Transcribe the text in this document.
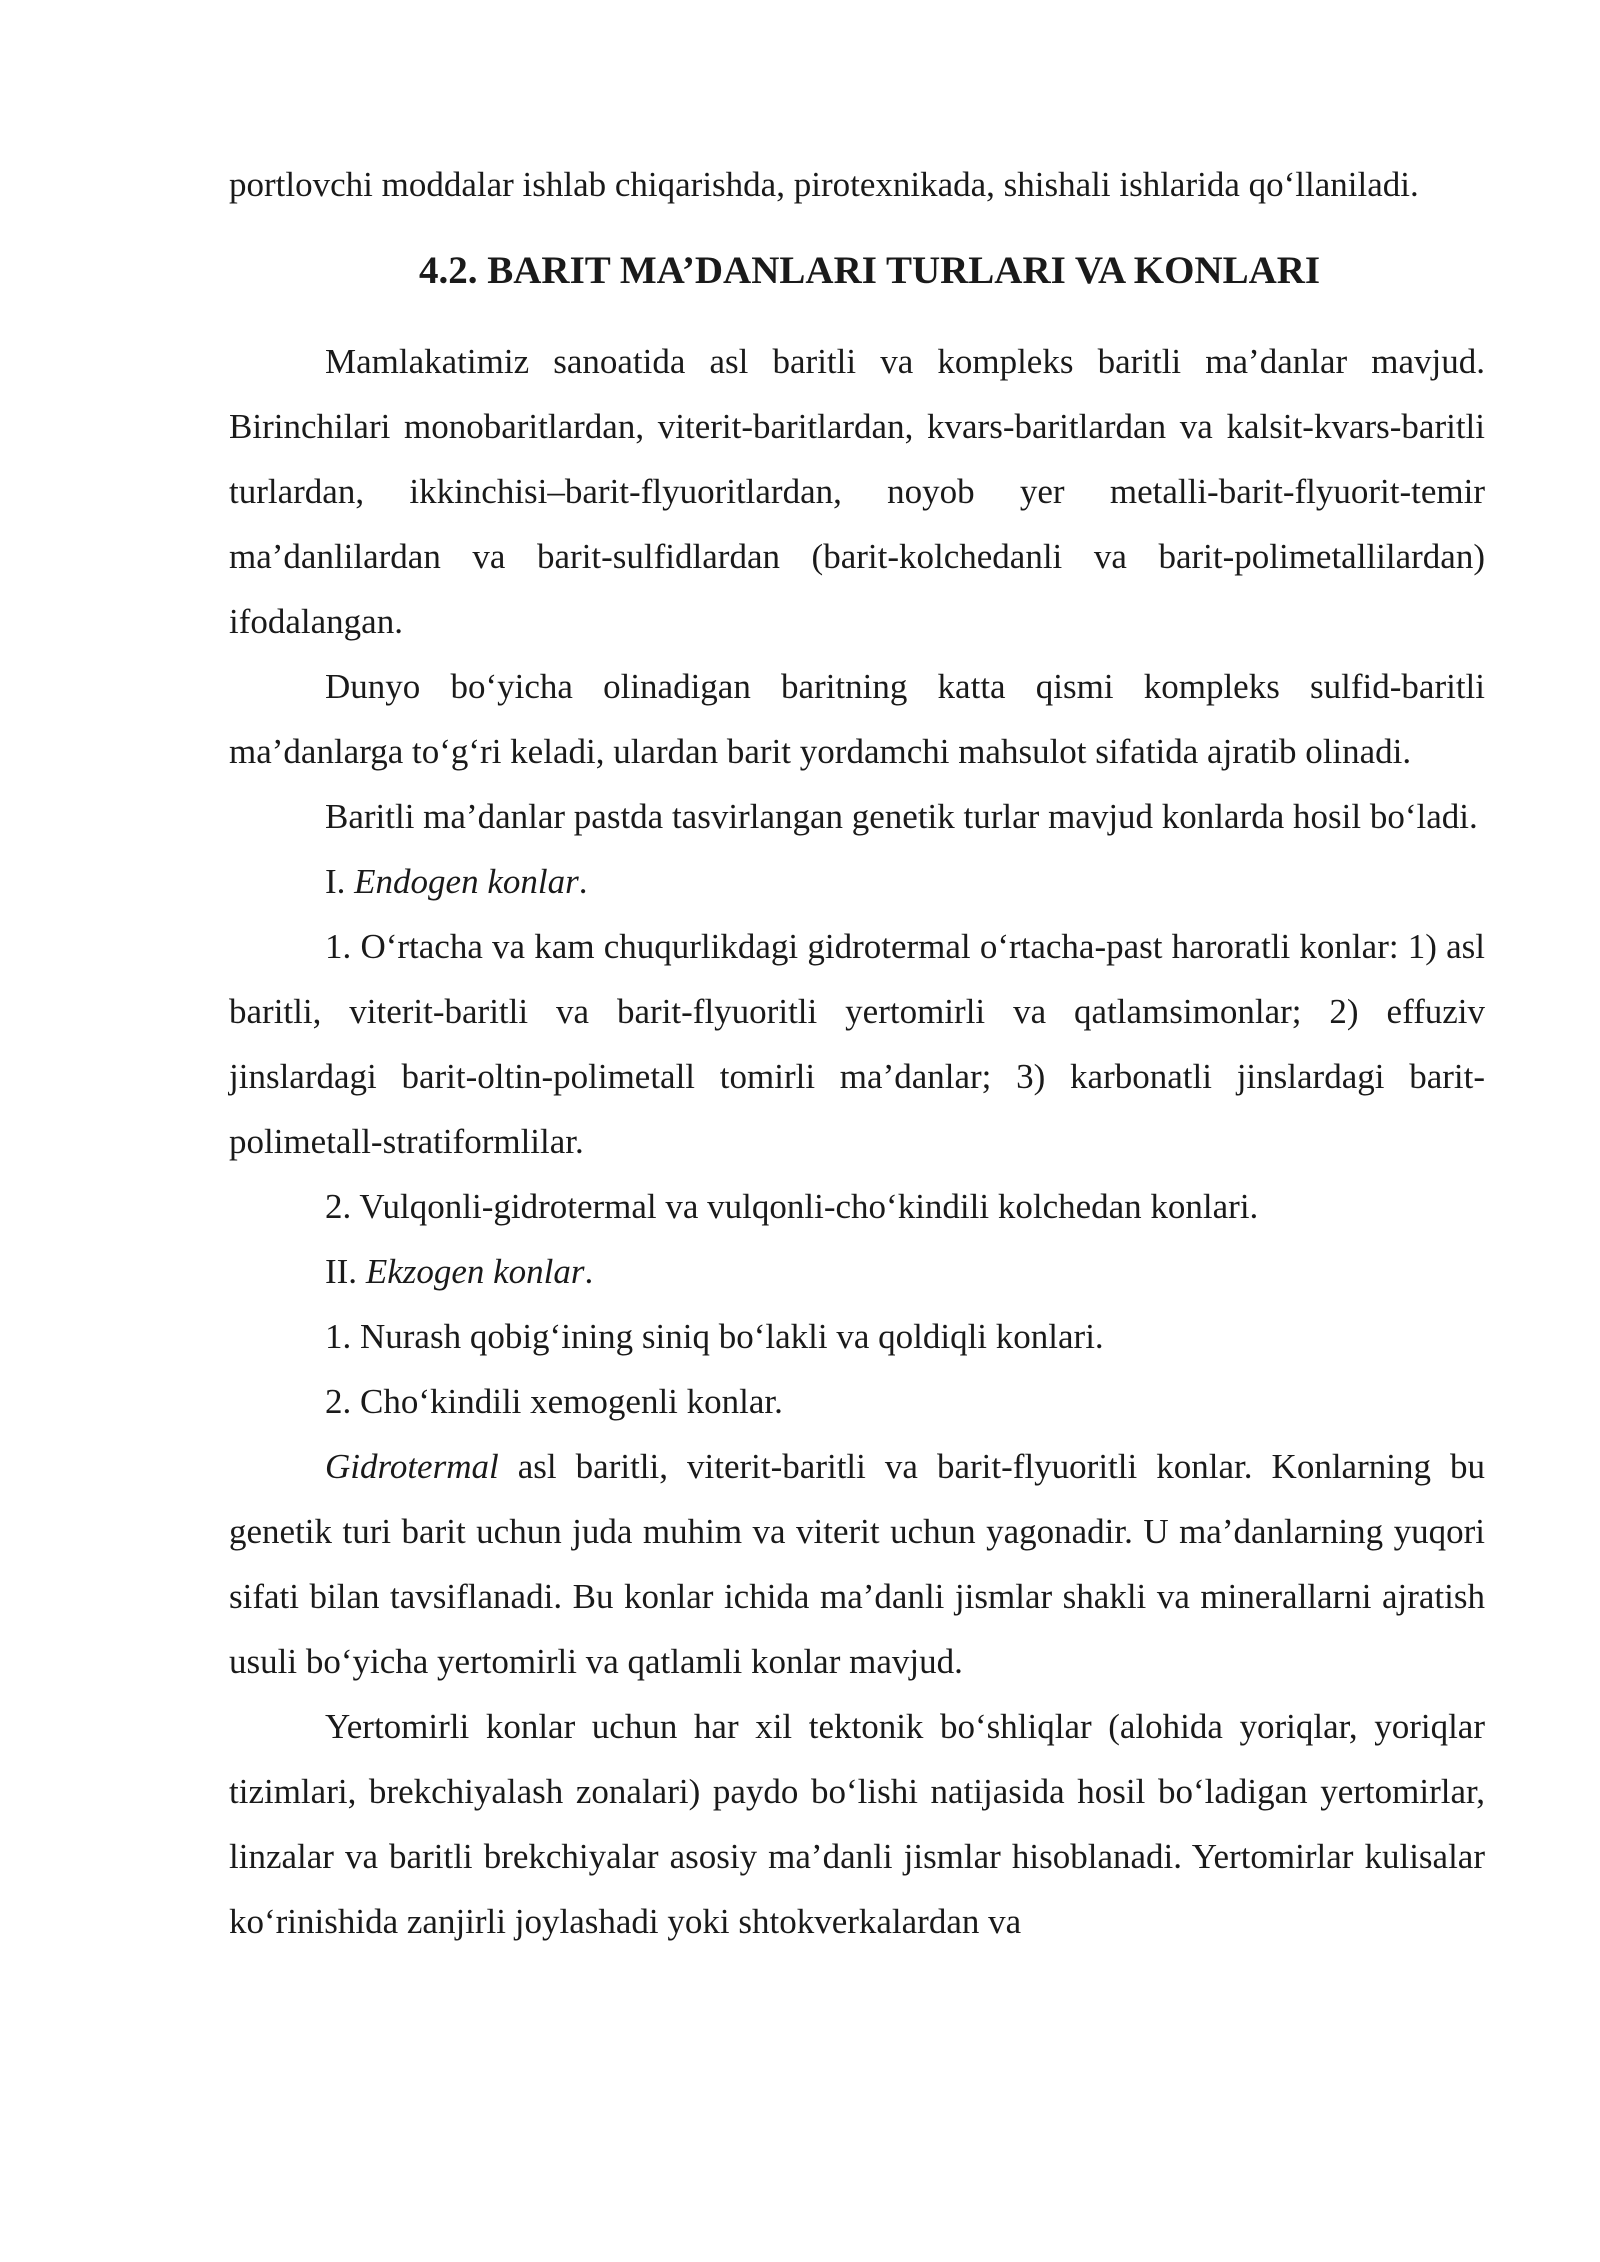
portlovchi moddalar ishlab chiqarishda, pirotexnikada, shishali ishlarida qo‘llaniladi.

4.2. BARIT MA’DANLARI TURLARI VA KONLARI

Mamlakatimiz sanoatida asl baritli va kompleks baritli ma’danlar mavjud. Birinchilari monobaritlardan, viterit-baritlardan, kvars-baritlardan va kalsit-kvars-baritli turlardan, ikkinchisi–barit-flyuoritlardan, noyob yer metalli-barit-flyuorit-temir ma’danlilardan va barit-sulfidlardan (barit-kolchedanli va barit-polimetallilardan) ifodalangan.

Dunyo bo‘yicha olinadigan baritning katta qismi kompleks sulfid-baritli ma’danlarga to‘g‘ri keladi, ulardan barit yordamchi mahsulot sifatida ajratib olinadi.

Baritli ma’danlar pastda tasvirlangan genetik turlar mavjud konlarda hosil bo‘ladi.

I. Endogen konlar.

1. O‘rtacha va kam chuqurlikdagi gidrotermal o‘rtacha-past haroratli konlar: 1) asl baritli, viterit-baritli va barit-flyuoritli yertomirli va qatlamsimonlar; 2) effuziv jinslardagi barit-oltin-polimetall tomirli ma’danlar; 3) karbonatli jinslardagi barit-polimetall-stratiformlilar.

2. Vulqonli-gidrotermal va vulqonli-cho‘kindili kolchedan konlari.

II. Ekzogen konlar.

1. Nurash qobig‘ining siniq bo‘lakli va qoldiqli konlari.

2. Cho‘kindili xemogenli konlar.

Gidrotermal asl baritli, viterit-baritli va barit-flyuoritli konlar. Konlarning bu genetik turi barit uchun juda muhim va viterit uchun yagonadir. U ma’danlarning yuqori sifati bilan tavsiflanadi. Bu konlar ichida ma’danli jismlar shakli va minerallarni ajratish usuli bo‘yicha yertomirli va qatlamli konlar mavjud.

Yertomirli konlar uchun har xil tektonik bo‘shliqlar (alohida yoriqlar, yoriqlar tizimlari, brekchiyalash zonalari) paydo bo‘lishi natijasida hosil bo‘ladigan yertomirlar, linzalar va baritli brekchiyalar asosiy ma’danli jismlar hisoblanadi. Yertomirlar kulisalar ko‘rinishida zanjirli joylashadi yoki shtokverkalardan va
